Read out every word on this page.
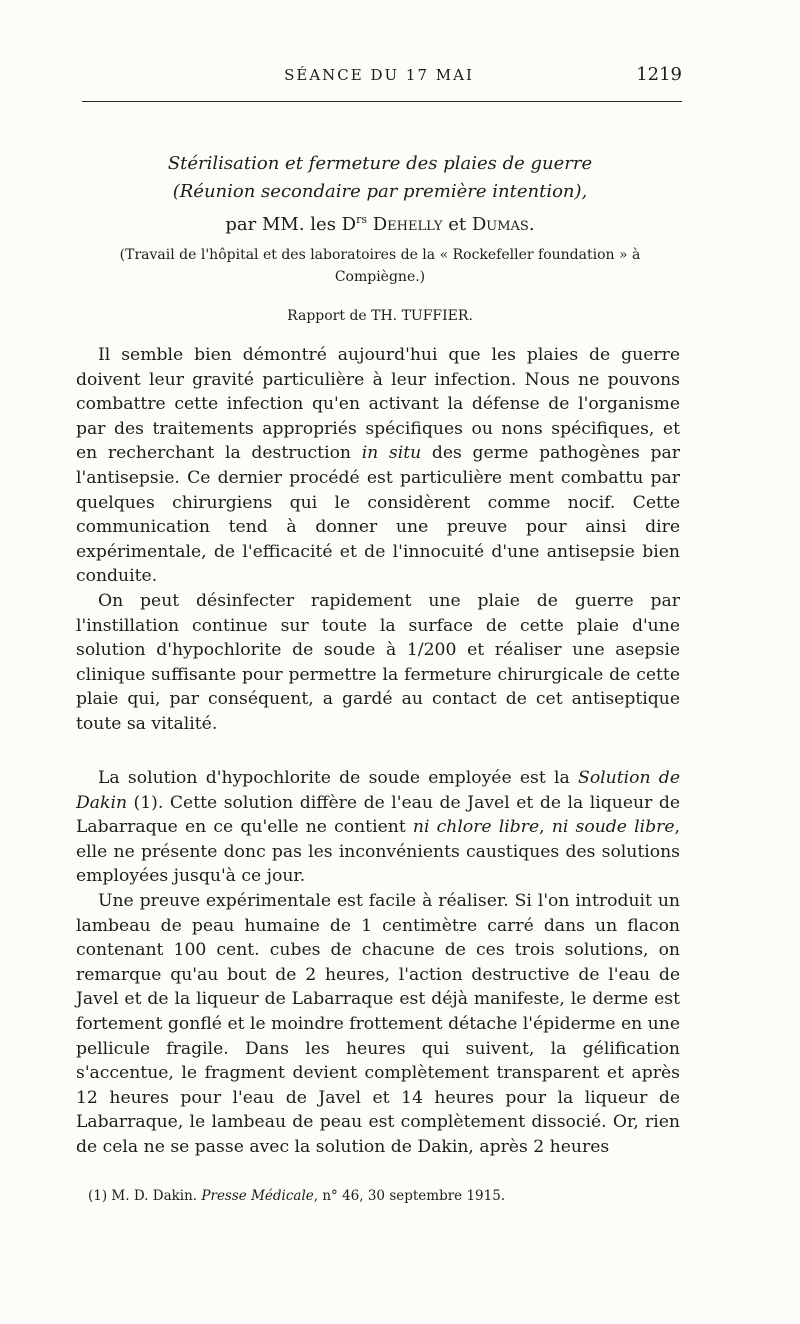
SÉANCE DU 17 MAI	1219
Stérilisation et fermeture des plaies de guerre
(Réunion secondaire par première intention),
par MM. les $D^{rs}$ Dehelly et Dumas.
(Travail de l'hôpital et des laboratoires de la « Rockefeller foundation » à Compiègne.)
Rapport de TH. TUFFIER.

Il semble bien démontré aujourd'hui que les plaies de guerre doivent leur gravité particulière à leur infection. Nous ne pouvons combattre cette infection qu'en activant la défense de l'organisme par des traitements appropriés spécifiques ou nons spécifiques, et en recherchant la destruction in situ des germe pathogènes par l'antisepsie. Ce dernier procédé est particulière ment combattu par quelques chirurgiens qui le considèrent comme nocif. Cette communication tend à donner une preuve pour ainsi dire expérimentale, de l'efficacité et de l'innocuité d'une antisepsie bien conduite.

On peut désinfecter rapidement une plaie de guerre par l'instillation continue sur toute la surface de cette plaie d'une solution d'hypochlorite de soude à 1/200 et réaliser une asepsie clinique suffisante pour permettre la fermeture chirurgicale de cette plaie qui, par conséquent, a gardé au contact de cet antiseptique toute sa vitalité.

La solution d'hypochlorite de soude employée est la Solution de Dakin (1). Cette solution diffère de l'eau de Javel et de la liqueur de Labarraque en ce qu'elle ne contient ni chlore libre, ni soude libre, elle ne présente donc pas les inconvénients caustiques des solutions employées jusqu'à ce jour.

Une preuve expérimentale est facile à réaliser. Si l'on introduit un lambeau de peau humaine de 1 centimètre carré dans un flacon contenant 100 cent. cubes de chacune de ces trois solutions, on remarque qu'au bout de 2 heures, l'action destructive de l'eau de Javel et de la liqueur de Labarraque est déjà manifeste, le derme est fortement gonflé et le moindre frottement détache l'épiderme en une pellicule fragile. Dans les heures qui suivent, la gélification s'accentue, le fragment devient complètement transparent et après 12 heures pour l'eau de Javel et 14 heures pour la liqueur de Labarraque, le lambeau de peau est complètement dissocié. Or, rien de cela ne se passe avec la solution de Dakin, après 2 heures

(1) M. D. Dakin. Presse Médicale, n° 46, 30 septembre 1915.
